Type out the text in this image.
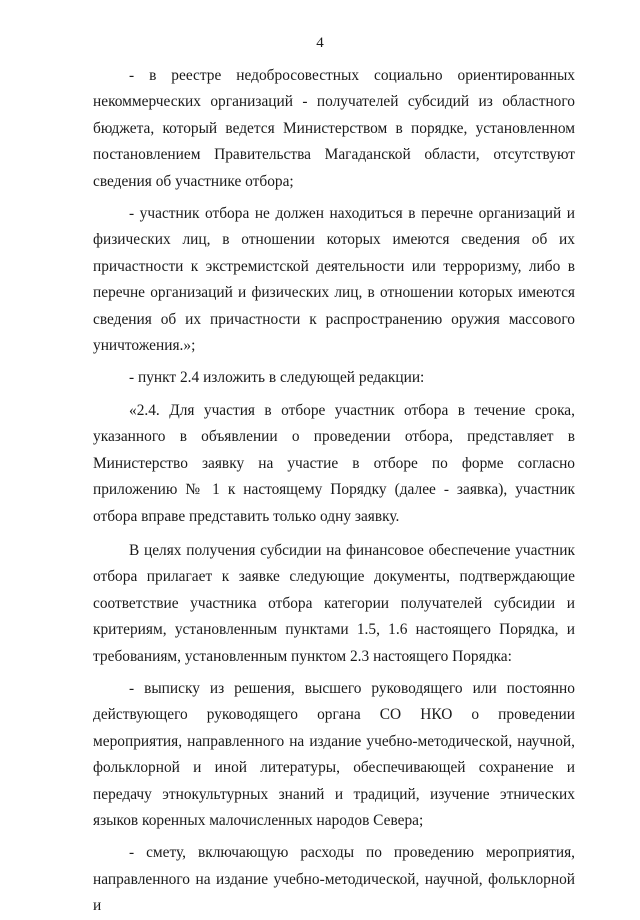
4

- в реестре недобросовестных социально ориентированных некоммерческих организаций - получателей субсидий из областного бюджета, который ведется Министерством в порядке, установленном постановлением Правительства Магаданской области, отсутствуют сведения об участнике отбора;

- участник отбора не должен находиться в перечне организаций и физических лиц, в отношении которых имеются сведения об их причастности к экстремистской деятельности или терроризму, либо в перечне организаций и физических лиц, в отношении которых имеются сведения об их причастности к распространению оружия массового уничтожения.»;

- пункт 2.4 изложить в следующей редакции:

«2.4. Для участия в отборе участник отбора в течение срока, указанного в объявлении о проведении отбора, представляет в Министерство заявку на участие в отборе по форме согласно приложению № 1 к настоящему Порядку (далее - заявка), участник отбора вправе представить только одну заявку.

В целях получения субсидии на финансовое обеспечение участник отбора прилагает к заявке следующие документы, подтверждающие соответствие участника отбора категории получателей субсидии и критериям, установленным пунктами 1.5, 1.6 настоящего Порядка, и требованиям, установленным пунктом 2.3 настоящего Порядка:

- выписку из решения, высшего руководящего или постоянно действующего руководящего органа СО НКО о проведении мероприятия, направленного на издание учебно-методической, научной, фольклорной и иной литературы, обеспечивающей сохранение и передачу этнокультурных знаний и традиций, изучение этнических языков коренных малочисленных народов Севера;

- смету, включающую расходы по проведению мероприятия, направленного на издание учебно-методической, научной, фольклорной и
